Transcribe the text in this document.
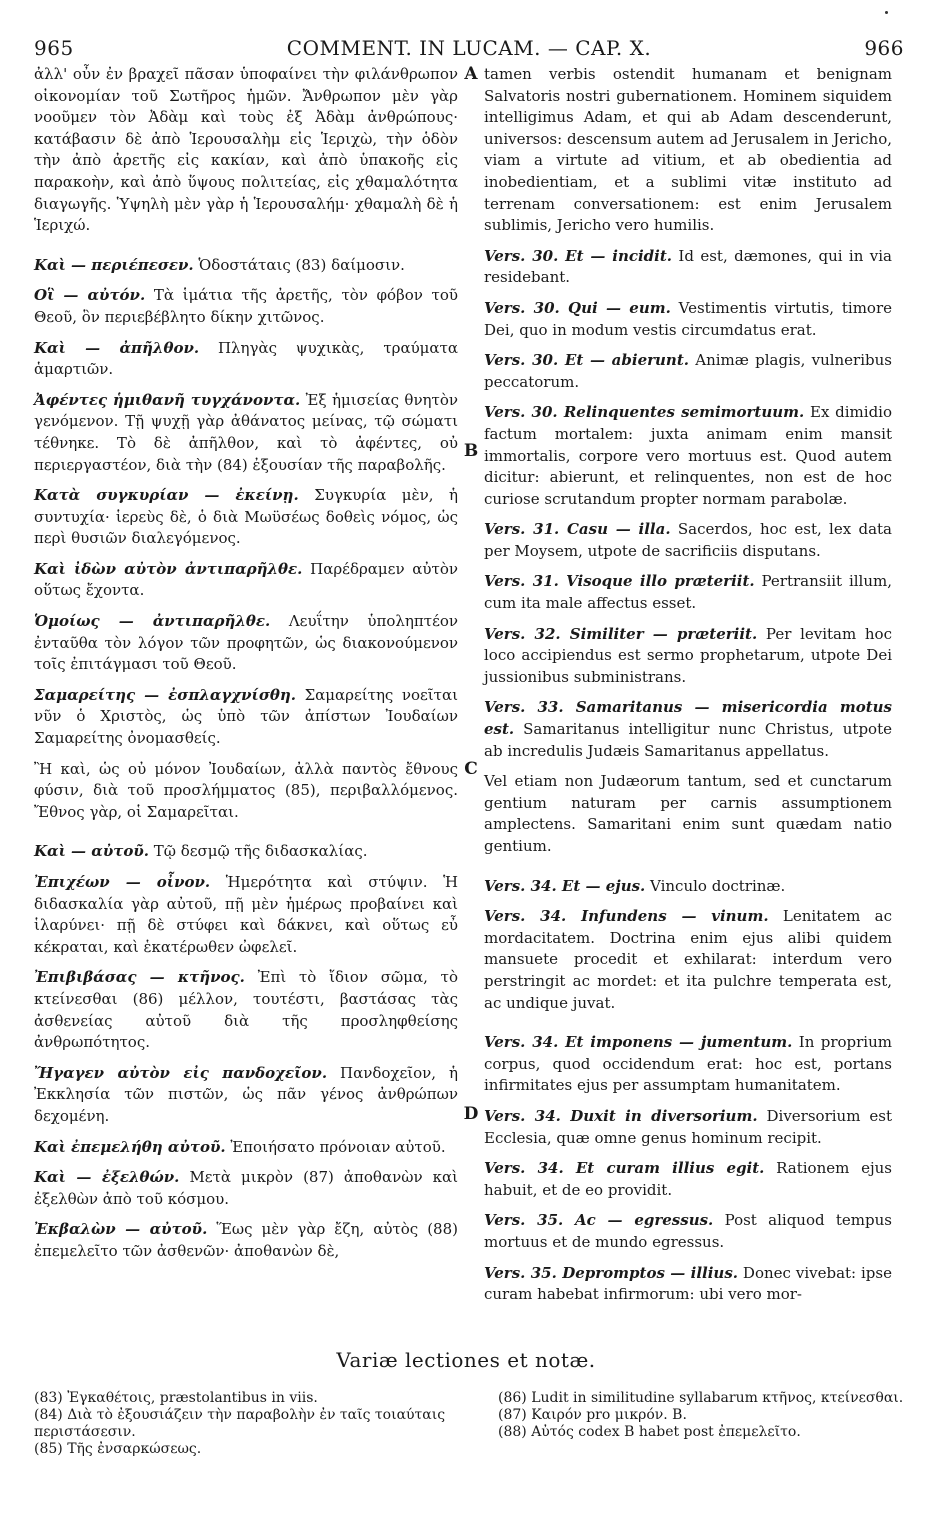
965	COMMENT. IN LUCAM. — CAP. X.	966

ἀλλ' οὖν ἐν βραχεῖ πᾶσαν ὑποφαίνει τὴν φιλάνθρωπον οἰκονομίαν τοῦ Σωτῆρος ἡμῶν. Ἄνθρωπον μὲν γὰρ νοοῦμεν τὸν Ἀδὰμ καὶ τοὺς ἐξ Ἀδὰμ ἀνθρώπους· κατάβασιν δὲ ἀπὸ Ἱερουσαλὴμ εἰς Ἱεριχὼ, τὴν ὁδὸν τὴν ἀπὸ ἀρετῆς εἰς κακίαν, καὶ ἀπὸ ὑπακοῆς εἰς παρακοὴν, καὶ ἀπὸ ὕψους πολιτείας, εἰς χθαμαλότητα διαγωγῆς. Ὑψηλὴ μὲν γὰρ ἡ Ἱερουσαλήμ· χθαμαλὴ δὲ ἡ Ἱεριχώ.

Καὶ — περιέπεσεν. Ὁδοστάταις (83) δαίμοσιν.

Οἳ — αὐτόν. Τὰ ἱμάτια τῆς ἀρετῆς, τὸν φόβον τοῦ Θεοῦ, ὃν περιεβέβλητο δίκην χιτῶνος.

Καὶ — ἀπῆλθον. Πληγὰς ψυχικὰς, τραύματα ἁμαρτιῶν.

Ἀφέντες ἡμιθανῆ τυγχάνοντα. Ἐξ ἡμισείας θνητὸν γενόμενον. Τῇ ψυχῇ γὰρ ἀθάνατος μείνας, τῷ σώματι τέθνηκε. Τὸ δὲ ἀπῆλθον, καὶ τὸ ἀφέντες, οὐ περιεργαστέον, διὰ τὴν (84) ἐξουσίαν τῆς παραβολῆς.

Κατὰ συγκυρίαν — ἐκείνῃ. Συγκυρία μὲν, ἡ συντυχία· ἱερεὺς δὲ, ὁ διὰ Μωϋσέως δοθεὶς νόμος, ὡς περὶ θυσιῶν διαλεγόμενος.

Καὶ ἰδὼν αὐτὸν ἀντιπαρῆλθε. Παρέδραμεν αὐτὸν οὕτως ἔχοντα.

Ὁμοίως — ἀντιπαρῆλθε. Λευΐτην ὑποληπτέον ἐνταῦθα τὸν λόγον τῶν προφητῶν, ὡς διακονούμενον τοῖς ἐπιτάγμασι τοῦ Θεοῦ.

Σαμαρείτης — ἐσπλαγχνίσθη. Σαμαρείτης νοεῖται νῦν ὁ Χριστὸς, ὡς ὑπὸ τῶν ἀπίστων Ἰουδαίων Σαμαρείτης ὀνομασθείς.

Ἢ καὶ, ὡς οὐ μόνον Ἰουδαίων, ἀλλὰ παντὸς ἔθνους φύσιν, διὰ τοῦ προσλήμματος (85), περιβαλλόμενος. Ἔθνος γὰρ, οἱ Σαμαρεῖται.

Καὶ — αὐτοῦ. Τῷ δεσμῷ τῆς διδασκαλίας.

Ἐπιχέων — οἶνον. Ἡμερότητα καὶ στύψιν. Ἡ διδασκαλία γὰρ αὐτοῦ, πῇ μὲν ἡμέρως προβαίνει καὶ ἱλαρύνει· πῇ δὲ στύφει καὶ δάκνει, καὶ οὕτως εὖ κέκραται, καὶ ἑκατέρωθεν ὠφελεῖ.

Ἐπιβιβάσας — κτῆνος. Ἐπὶ τὸ ἴδιον σῶμα, τὸ κτείνεσθαι (86) μέλλον, τουτέστι, βαστάσας τὰς ἀσθενείας αὐτοῦ διὰ τῆς προσληφθείσης ἀνθρωπότητος.

Ἤγαγεν αὐτὸν εἰς πανδοχεῖον. Πανδοχεῖον, ἡ Ἐκκλησία τῶν πιστῶν, ὡς πᾶν γένος ἀνθρώπων δεχομένη.

Καὶ ἐπεμελήθη αὐτοῦ. Ἐποιήσατο πρόνοιαν αὐτοῦ.

Καὶ — ἐξελθών. Μετὰ μικρὸν (87) ἀποθανὼν καὶ ἐξελθὼν ἀπὸ τοῦ κόσμου.

Ἐκβαλὼν — αὐτοῦ. Ἕως μὲν γὰρ ἔζη, αὐτὸς (88) ἐπεμελεῖτο τῶν ἀσθενῶν· ἀποθανὼν δὲ,

tamen verbis ostendit humanam et benignam Salvatoris nostri gubernationem. Hominem siquidem intelligimus Adam, et qui ab Adam descenderunt, universos: descensum autem ad Jerusalem in Jericho, viam a virtute ad vitium, et ab obedientia ad inobedientiam, et a sublimi vitæ instituto ad terrenam conversationem: est enim Jerusalem sublimis, Jericho vero humilis.

Vers. 30. Et — incidit. Id est, dæmones, qui in via residebant.

Vers. 30. Qui — eum. Vestimentis virtutis, timore Dei, quo in modum vestis circumdatus erat.

Vers. 30. Et — abierunt. Animæ plagis, vulneribus peccatorum.

Vers. 30. Relinquentes semimortuum. Ex dimidio factum mortalem: juxta animam enim mansit immortalis, corpore vero mortuus est. Quod autem dicitur: abierunt, et relinquentes, non est de hoc curiose scrutandum propter normam parabolæ.

Vers. 31. Casu — illa. Sacerdos, hoc est, lex data per Moysem, utpote de sacrificiis disputans.

Vers. 31. Visoque illo præteriit. Pertransiit illum, cum ita male affectus esset.

Vers. 32. Similiter — præteriit. Per levitam hoc loco accipiendus est sermo prophetarum, utpote Dei jussionibus subministrans.

Vers. 33. Samaritanus — misericordia motus est. Samaritanus intelligitur nunc Christus, utpote ab incredulis Judæis Samaritanus appellatus.

Vel etiam non Judæorum tantum, sed et cunctarum gentium naturam per carnis assumptionem amplectens. Samaritani enim sunt quædam natio gentium.

Vers. 34. Et — ejus. Vinculo doctrinæ.

Vers. 34. Infundens — vinum. Lenitatem ac mordacitatem. Doctrina enim ejus alibi quidem mansuete procedit et exhilarat: interdum vero perstringit ac mordet: et ita pulchre temperata est, ac undique juvat.

Vers. 34. Et imponens — jumentum. In proprium corpus, quod occidendum erat: hoc est, portans infirmitates ejus per assumptam humanitatem.

Vers. 34. Duxit in diversorium. Diversorium est Ecclesia, quæ omne genus hominum recipit.

Vers. 34. Et curam illius egit. Rationem ejus habuit, et de eo providit.

Vers. 35. Ac — egressus. Post aliquod tempus mortuus et de mundo egressus.

Vers. 35. Depromptos — illius. Donec vivebat: ipse curam habebat infirmorum: ubi vero mor-

A
B
C
D
Variæ lectiones et notæ.

(83) Ἐγκαθέτοις, præstolantibus in viis.

(84) Διὰ τὸ ἐξουσιάζειν τὴν παραβολὴν ἐν ταῖς τοιαύταις περιστάσεσιν.

(85) Τῆς ἐνσαρκώσεως.

(86) Ludit in similitudine syllabarum κτῆνος, κτείνεσθαι.

(87) Καιρόν pro μικρόν. B.

(88) Αὐτός codex B habet post ἐπεμελεῖτο.
